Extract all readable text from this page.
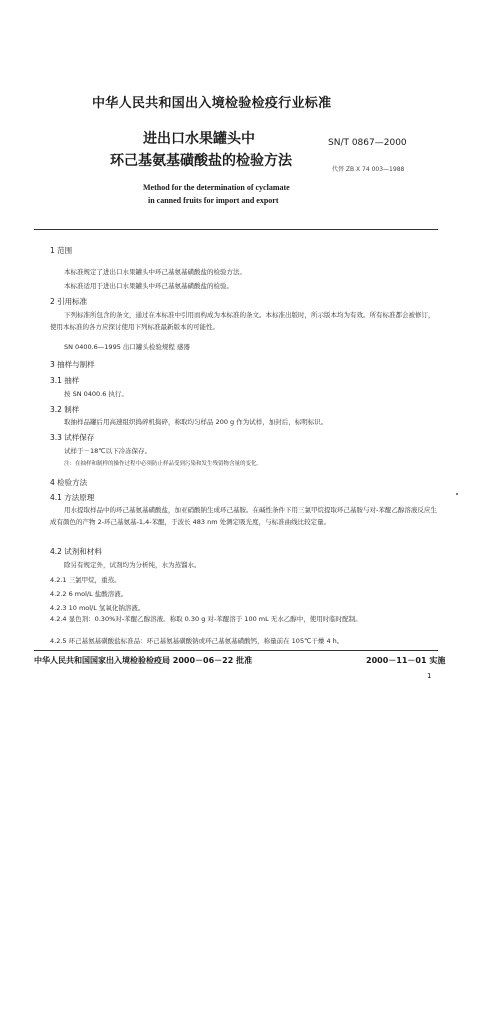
中华人民共和国出入境检验检疫行业标准
进出口水果罐头中
环己基氨基磺酸盐的检验方法
SN/T 0867—2000
代替 ZB X 74 003—1988
Method for the determination of cyclamate
in canned fruits for import and export
1 范围
本标准规定了进出口水果罐头中环己基氨基磺酸盐的检验方法。
本标准适用于进出口水果罐头中环己基氨基磺酸盐的检验。
2 引用标准
下列标准所包含的条文，通过在本标准中引用而构成为本标准的条文。本标准出版时，所示版本均为有效。所有标准都会被修订，使用本标准的各方应探讨使用下列标准最新版本的可能性。
SN 0400.6—1995 出口罐头检验规程 感器
3 抽样与制样
3.1 抽样
按 SN 0400.6 执行。
3.2 制样
取抽样品罐后用高速组织捣碎机捣碎，称取均匀样品 200 g 作为试样，加封后，标明标识。
3.3 试样保存
试样于－18℃以下冷冻保存。
注：在抽样和制样的操作过程中必须防止样品受到污染和发生残留物含量的变化。
4 检验方法
4.1 方法原理
用水提取样品中的环己基氨基磺酸盐，加亚硝酸钠生成环己基胺。在碱性条件下用三氯甲烷提取环己基胺与对-苯醌乙醇溶液反应生成有颜色的产物 2-环己基氨基-1,4-苯醌，于波长 483 nm 处测定吸光度，与标准曲线比较定量。
4.2 试剂和材料
除另有规定外，试剂均为分析纯，水为蒸馏水。
4.2.1 三氯甲烷，重蒸。
4.2.2 6 mol/L 盐酸溶液。
4.2.3 10 mol/L 氢氧化钠溶液。
4.2.4 显色剂：0.30%对-苯醌乙醇溶液。称取 0.30 g 对-苯醌溶于 100 mL 无水乙醇中，使用时临时配制。
4.2.5 环己基氨基磺酸盐标准品：环己基氨基磺酸钠或环己基氨基磺酸钙，称量前在 105℃干燥 4 h。
中华人民共和国国家出入境检验检疫局 2000－06－22 批准	2000－11－01 实施
1
